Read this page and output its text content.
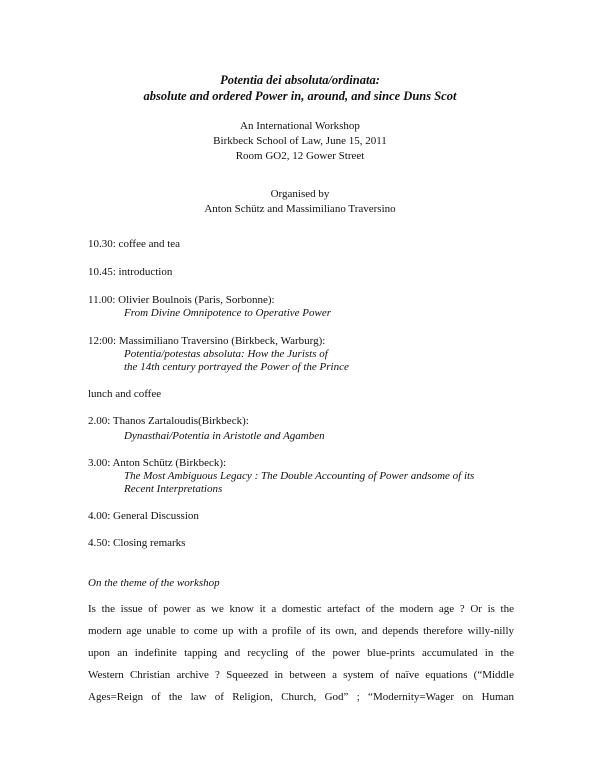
Potentia dei absoluta/ordinata:
absolute and ordered Power in, around, and since Duns Scot
An International Workshop
Birkbeck School of Law, June 15, 2011
Room GO2, 12 Gower Street
Organised by
Anton Schütz and Massimiliano Traversino
10.30: coffee and tea
10.45: introduction
11.00: Olivier Boulnois (Paris, Sorbonne):
From Divine Omnipotence to Operative Power
12:00: Massimiliano Traversino (Birkbeck, Warburg):
Potentia/potestas absoluta: How the Jurists of
the 14th century portrayed the Power of the Prince
lunch and coffee
2.00: Thanos Zartaloudis(Birkbeck):
Dynasthai/Potentia in Aristotle and Agamben
3.00: Anton Schütz (Birkbeck):
The Most Ambiguous Legacy : The Double Accounting of Power andsome of its
Recent Interpretations
4.00: General Discussion
4.50: Closing remarks
On the theme of the workshop
Is the issue of power as we know it a domestic artefact of the modern age ? Or is the
modern age unable to come up with a profile of its own, and depends therefore willy-nilly
upon an indefinite tapping and recycling of the power blue-prints accumulated in the
Western Christian archive ? Squeezed in between a system of naïve equations (“Middle
Ages=Reign of the law of Religion, Church, God” ; “Modernity=Wager on Human
